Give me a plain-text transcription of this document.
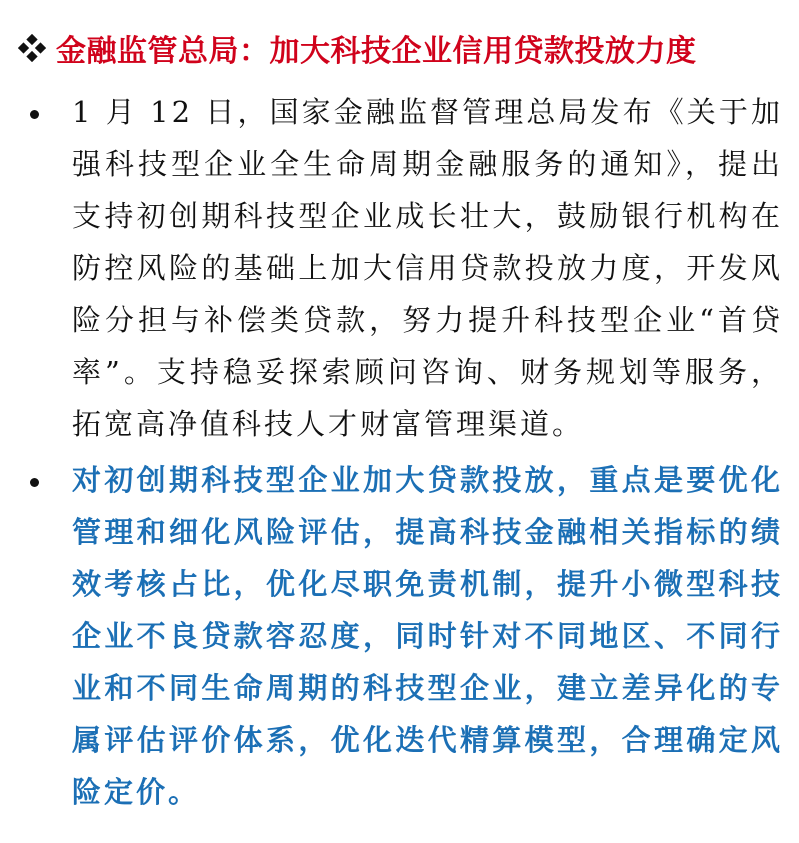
金融监管总局：加大科技企业信用贷款投放力度
1 月 12 日，国家金融监督管理总局发布《关于加强科技型企业全生命周期金融服务的通知》，提出支持初创期科技型企业成长壮大，鼓励银行机构在防控风险的基础上加大信用贷款投放力度，开发风险分担与补偿类贷款，努力提升科技型企业“首贷率”。支持稳妥探索顾问咨询、财务规划等服务，拓宽高净值科技人才财富管理渠道。
对初创期科技型企业加大贷款投放，重点是要优化管理和细化风险评估，提高科技金融相关指标的绩效考核占比，优化尽职免责机制，提升小微型科技企业不良贷款容忍度，同时针对不同地区、不同行业和不同生命周期的科技型企业，建立差异化的专属评估评价体系，优化迭代精算模型，合理确定风险定价。
